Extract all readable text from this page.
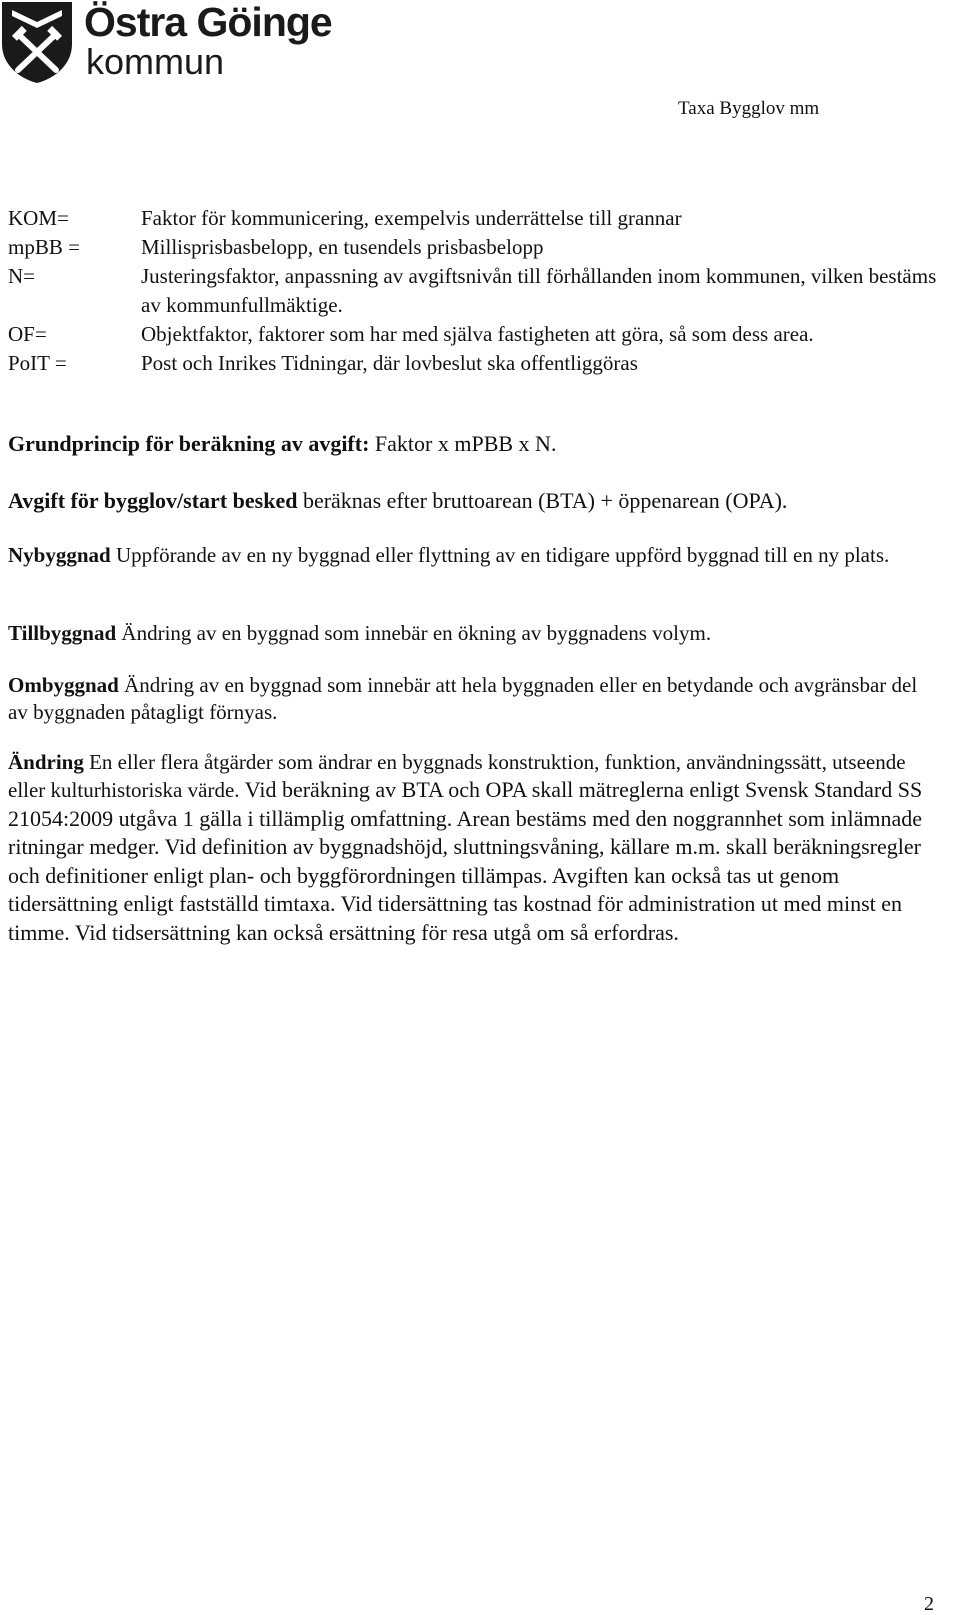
Östra Göinge
kommun
Taxa Bygglov mm
KOM=	Faktor för kommunicering, exempelvis underrättelse till grannar
mpBB =	Millisprisbasbelopp, en tusendels prisbasbelopp
N=	Justeringsfaktor, anpassning av avgiftsnivån till förhållanden inom kommunen, vilken bestäms av kommunfullmäktige.
OF=	Objektfaktor, faktorer som har med själva fastigheten att göra, så som dess area.
PoIT =	Post och Inrikes Tidningar, där lovbeslut ska offentliggöras
Grundprincip för beräkning av avgift: Faktor x mPBB x N.
Avgift för bygglov/start besked beräknas efter bruttoarean (BTA) + öppenarean (OPA).
Nybyggnad Uppförande av en ny byggnad eller flyttning av en tidigare uppförd byggnad till en ny plats.
Tillbyggnad Ändring av en byggnad som innebär en ökning av byggnadens volym.
Ombyggnad Ändring av en byggnad som innebär att hela byggnaden eller en betydande och avgränsbar del av byggnaden påtagligt förnyas.
Ändring En eller flera åtgärder som ändrar en byggnads konstruktion, funktion, användningssätt, utseende eller kulturhistoriska värde. Vid beräkning av BTA och OPA skall mätreglerna enligt Svensk Standard SS 21054:2009 utgåva 1 gälla i tillämplig omfattning. Arean bestäms med den noggrannhet som inlämnade ritningar medger. Vid definition av byggnadshöjd, sluttningsvåning, källare m.m. skall beräkningsregler och definitioner enligt plan- och byggförordningen tillämpas. Avgiften kan också tas ut genom tidersättning enligt fastställd timtaxa. Vid tidersättning tas kostnad för administration ut med minst en timme. Vid tidsersättning kan också ersättning för resa utgå om så erfordras.
2
